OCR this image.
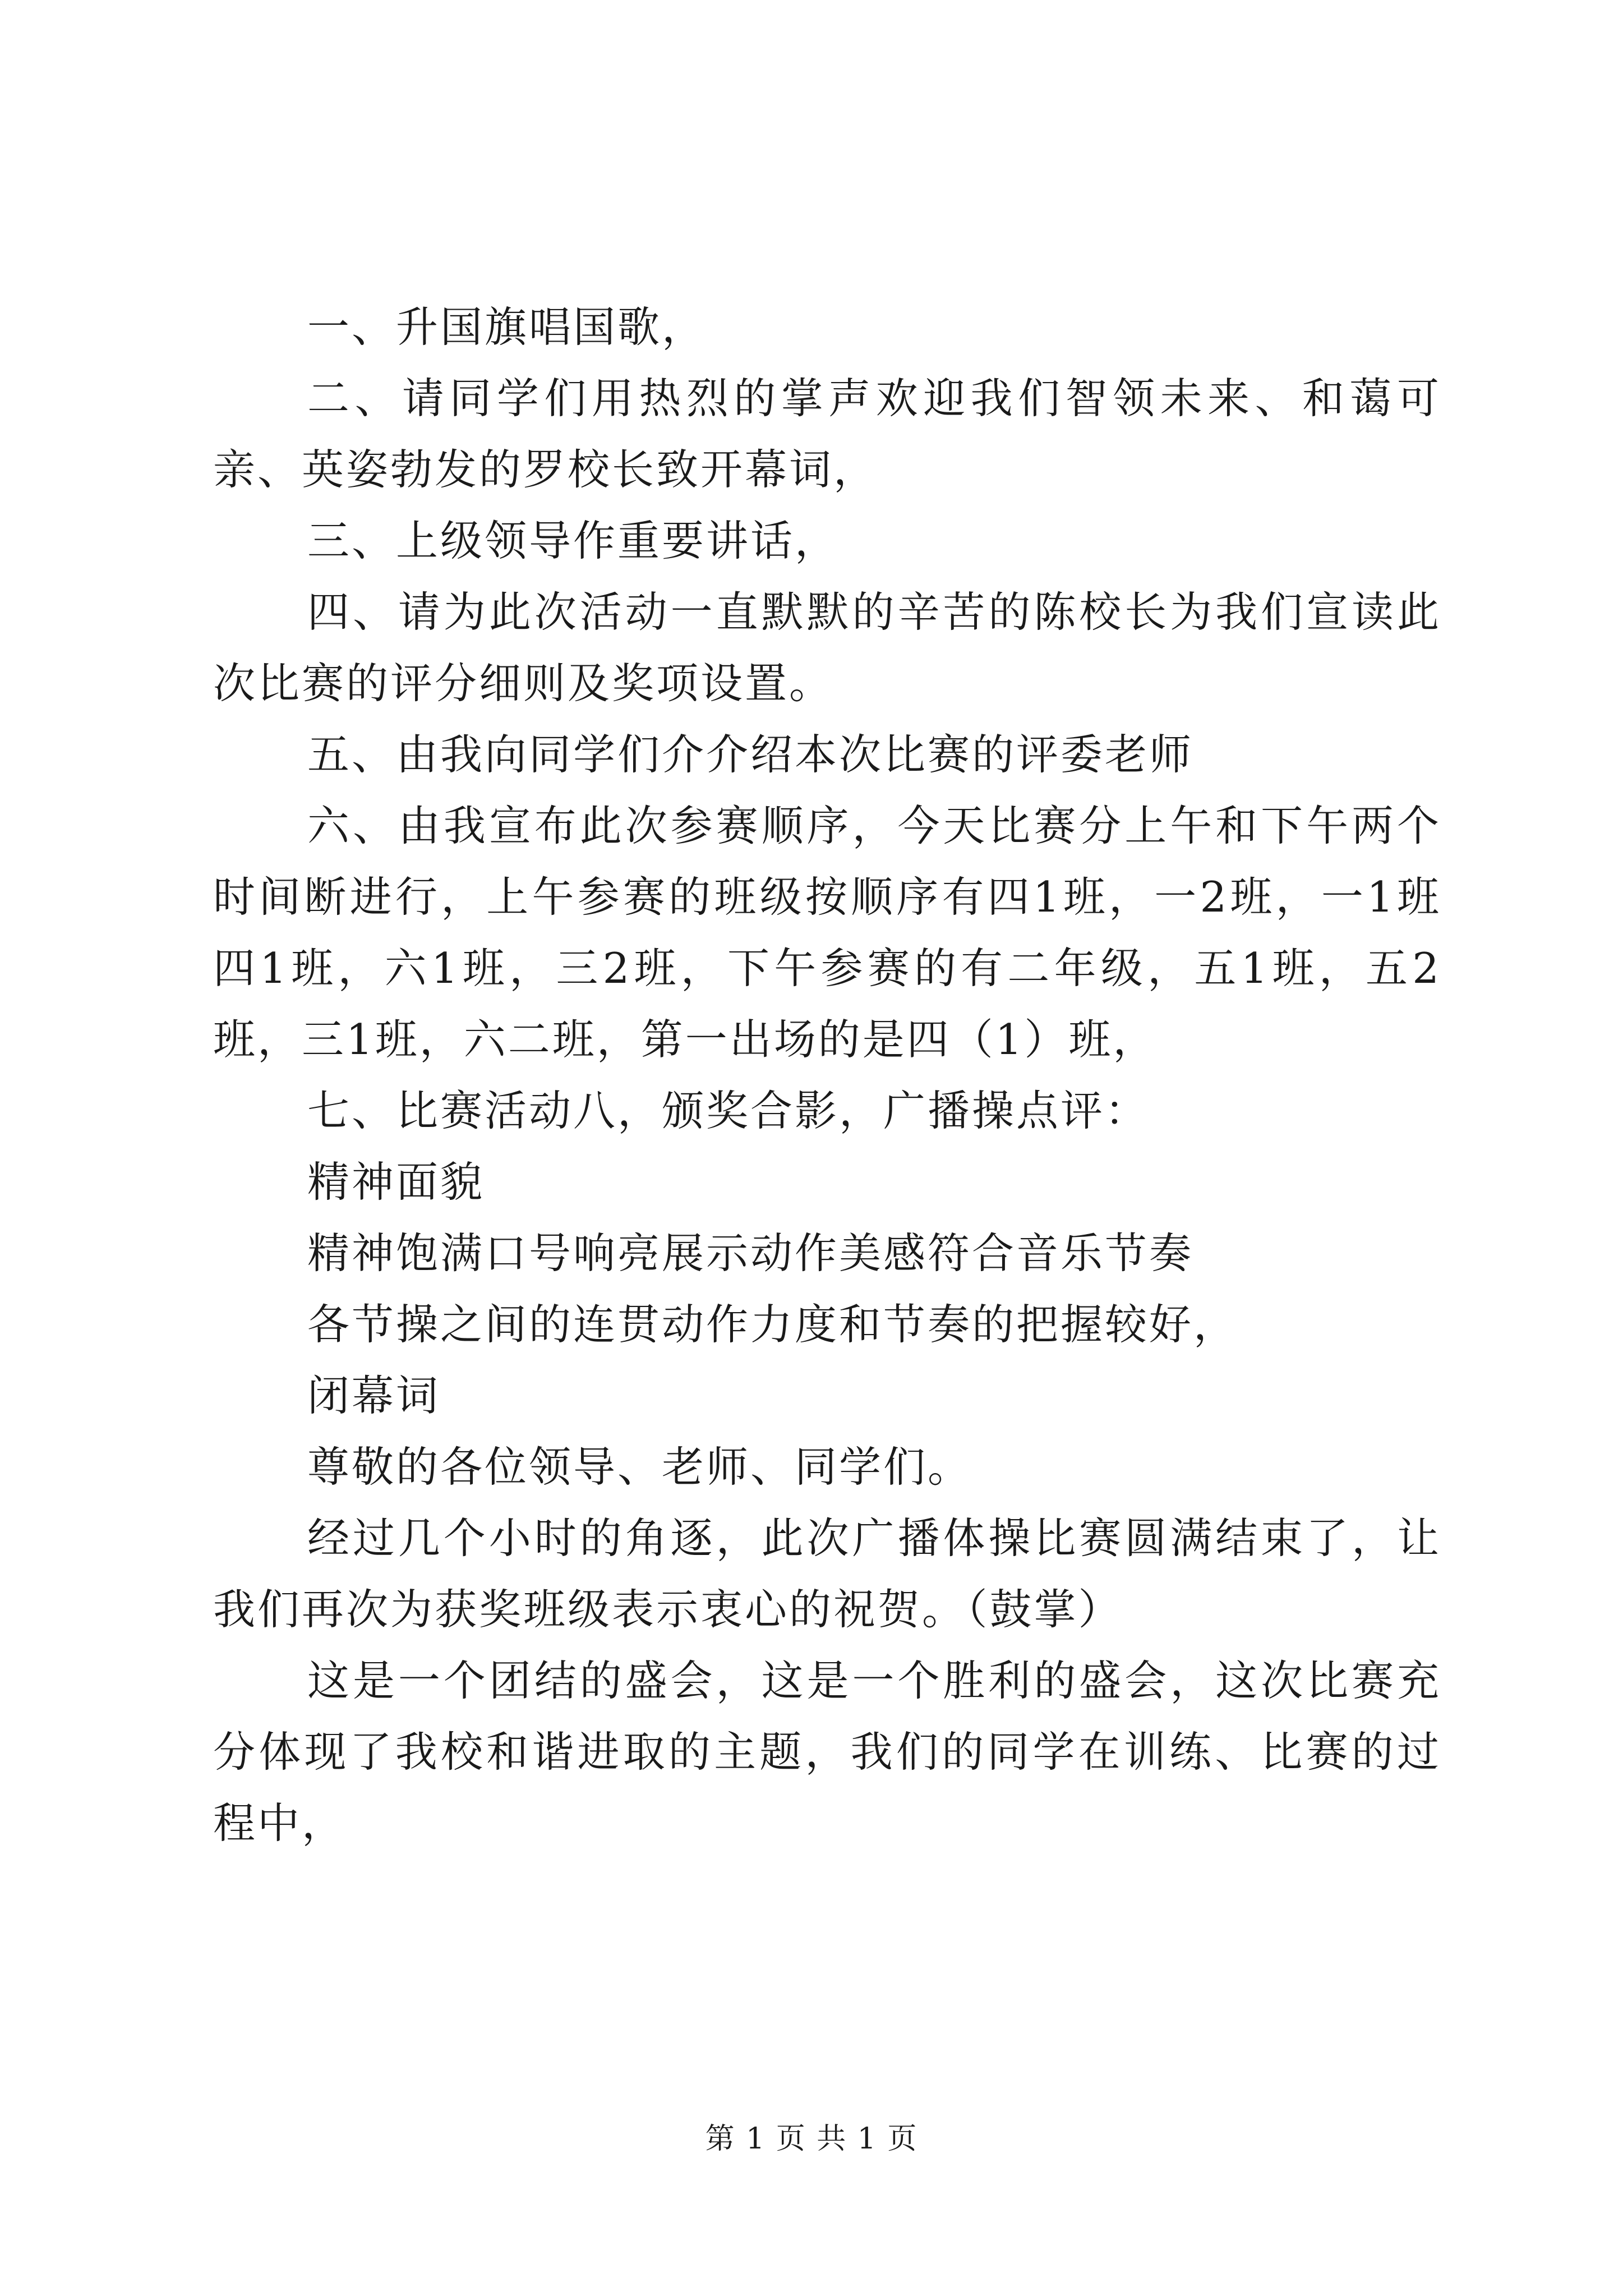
一、升国旗唱国歌，

二、请同学们用热烈的掌声欢迎我们智领未来、和蔼可亲、英姿勃发的罗校长致开幕词，

三、上级领导作重要讲话，

四、请为此次活动一直默默的辛苦的陈校长为我们宣读此次比赛的评分细则及奖项设置。

五、由我向同学们介介绍本次比赛的评委老师

六、由我宣布此次参赛顺序，今天比赛分上午和下午两个时间断进行，上午参赛的班级按顺序有四1班，一2班，一1班四1班，六1班，三2班，下午参赛的有二年级，五1班，五2班，三1班，六二班，第一出场的是四（1）班，

七、比赛活动八，颁奖合影，广播操点评：

精神面貌

精神饱满口号响亮展示动作美感符合音乐节奏

各节操之间的连贯动作力度和节奏的把握较好，

闭幕词

尊敬的各位领导、老师、同学们。

经过几个小时的角逐，此次广播体操比赛圆满结束了，让我们再次为获奖班级表示衷心的祝贺。（鼓掌）

这是一个团结的盛会，这是一个胜利的盛会，这次比赛充分体现了我校和谐进取的主题，我们的同学在训练、比赛的过程中，

第 1 页 共 1 页
